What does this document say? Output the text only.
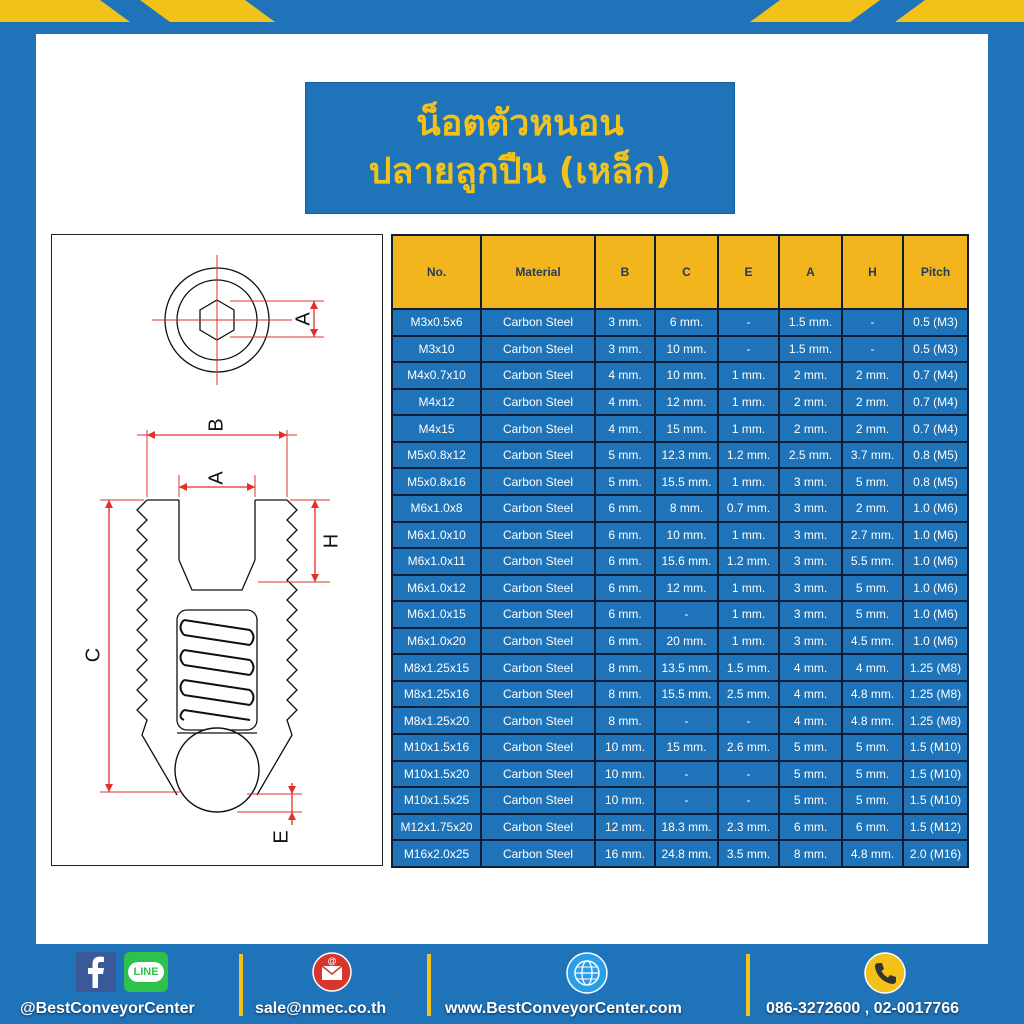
น็อตตัวหนอน
ปลายลูกปืน (เหล็ก)
A
B
A
H
C
E
No.	Material	B	C	E	A	H	Pitch
M3x0.5x6	Carbon Steel	3 mm.	6 mm.	-	1.5 mm.	-	0.5 (M3)
M3x10	Carbon Steel	3 mm.	10 mm.	-	1.5 mm.	-	0.5 (M3)
M4x0.7x10	Carbon Steel	4 mm.	10 mm.	1 mm.	2 mm.	2 mm.	0.7 (M4)
M4x12	Carbon Steel	4 mm.	12 mm.	1 mm.	2 mm.	2 mm.	0.7 (M4)
M4x15	Carbon Steel	4 mm.	15 mm.	1 mm.	2 mm.	2 mm.	0.7 (M4)
M5x0.8x12	Carbon Steel	5 mm.	12.3 mm.	1.2 mm.	2.5 mm.	3.7 mm.	0.8 (M5)
M5x0.8x16	Carbon Steel	5 mm.	15.5 mm.	1 mm.	3 mm.	5 mm.	0.8 (M5)
M6x1.0x8	Carbon Steel	6 mm.	8 mm.	0.7 mm.	3 mm.	2 mm.	1.0 (M6)
M6x1.0x10	Carbon Steel	6 mm.	10 mm.	1 mm.	3 mm.	2.7 mm.	1.0 (M6)
M6x1.0x11	Carbon Steel	6 mm.	15.6 mm.	1.2 mm.	3 mm.	5.5 mm.	1.0 (M6)
M6x1.0x12	Carbon Steel	6 mm.	12 mm.	1 mm.	3 mm.	5 mm.	1.0 (M6)
M6x1.0x15	Carbon Steel	6 mm.	-	1 mm.	3 mm.	5 mm.	1.0 (M6)
M6x1.0x20	Carbon Steel	6 mm.	20 mm.	1 mm.	3 mm.	4.5 mm.	1.0 (M6)
M8x1.25x15	Carbon Steel	8 mm.	13.5 mm.	1.5 mm.	4 mm.	4 mm.	1.25 (M8)
M8x1.25x16	Carbon Steel	8 mm.	15.5 mm.	2.5 mm.	4 mm.	4.8 mm.	1.25 (M8)
M8x1.25x20	Carbon Steel	8 mm.	-	-	4 mm.	4.8 mm.	1.25 (M8)
M10x1.5x16	Carbon Steel	10 mm.	15 mm.	2.6 mm.	5 mm.	5 mm.	1.5 (M10)
M10x1.5x20	Carbon Steel	10 mm.	-	-	5 mm.	5 mm.	1.5 (M10)
M10x1.5x25	Carbon Steel	10 mm.	-	-	5 mm.	5 mm.	1.5 (M10)
M12x1.75x20	Carbon Steel	12 mm.	18.3 mm.	2.3 mm.	6 mm.	6 mm.	1.5 (M12)
M16x2.0x25	Carbon Steel	16 mm.	24.8 mm.	3.5 mm.	8 mm.	4.8 mm.	2.0 (M16)
LINE
@BestConveyorCenter
@
sale@nmec.co.th	www.BestConveyorCenter.com	086-3272600 , 02-0017766
